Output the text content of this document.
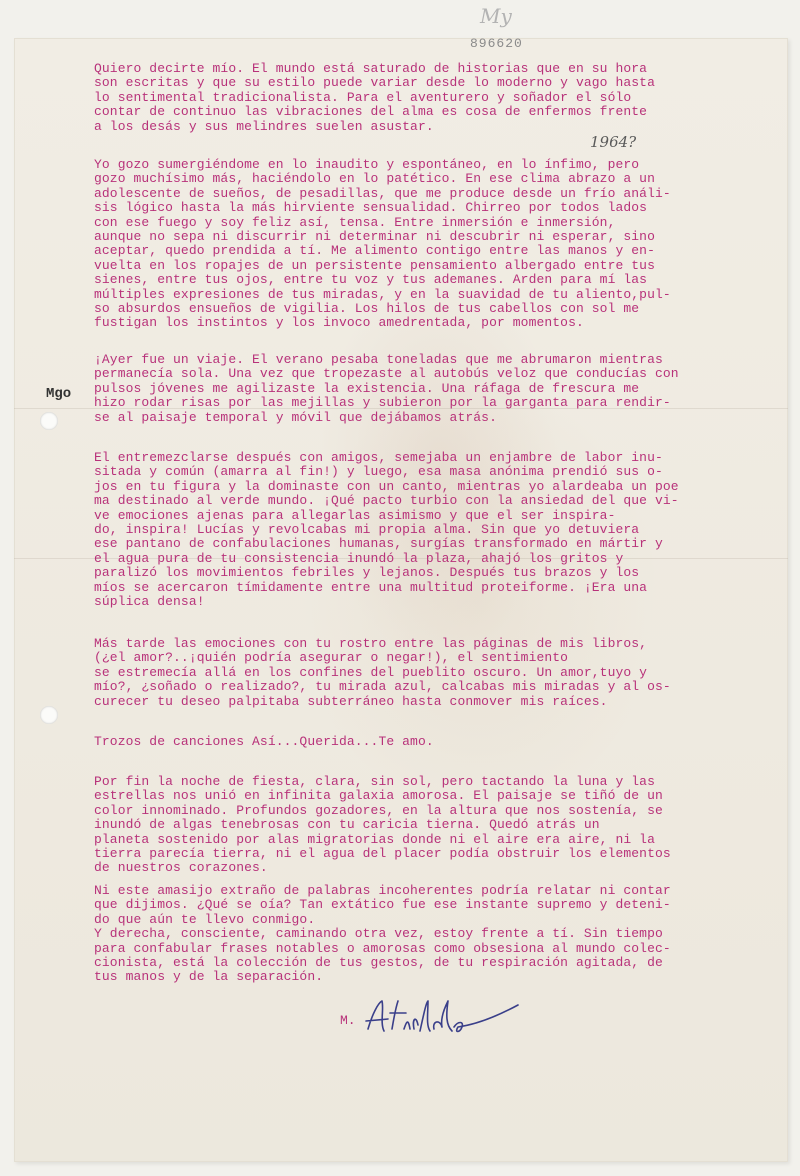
My
896620
1964?
Mgo
Quiero decirte mío. El mundo está saturado de historias que en su hora
son escritas y que su estilo puede variar desde lo moderno y vago hasta
lo sentimental tradicionalista. Para el aventurero y soñador el sólo
contar de continuo las vibraciones del alma es cosa de enfermos frente
a los desás y sus melindres suelen asustar.
Yo gozo sumergiéndome en lo inaudito y espontáneo, en lo ínfimo, pero
gozo muchísimo más, haciéndolo en lo patético. En ese clima abrazo a un
adolescente de sueños, de pesadillas, que me produce desde un frío análi-
sis lógico hasta la más hirviente sensualidad. Chirreo por todos lados
con ese fuego y soy feliz así, tensa. Entre inmersión e inmersión,
aunque no sepa ni discurrir ni determinar ni descubrir ni esperar, sino
aceptar, quedo prendida a tí. Me alimento contigo entre las manos y en-
vuelta en los ropajes de un persistente pensamiento albergado entre tus
sienes, entre tus ojos, entre tu voz y tus ademanes. Arden para mí las
múltiples expresiones de tus miradas, y en la suavidad de tu aliento,pul-
so absurdos ensueños de vigilia. Los hilos de tus cabellos con sol me
fustigan los instintos y los invoco amedrentada, por momentos.
¡Ayer fue un viaje. El verano pesaba toneladas que me abrumaron mientras
permanecía sola. Una vez que tropezaste al autobús veloz que conducías con
pulsos jóvenes me agilizaste la existencia. Una ráfaga de frescura me
hizo rodar risas por las mejillas y subieron por la garganta para rendir-
se al paisaje temporal y móvil que dejábamos atrás.
El entremezclarse después con amigos, semejaba un enjambre de labor inu-
sitada y común (amarra al fin!) y luego, esa masa anónima prendió sus o-
jos en tu figura y la dominaste con un canto, mientras yo alardeaba un poe
ma destinado al verde mundo. ¡Qué pacto turbio con la ansiedad del que vi-
ve emociones ajenas para allegarlas asimismo y que el ser inspira-
do, inspira! Lucías y revolcabas mi propia alma. Sin que yo detuviera
ese pantano de confabulaciones humanas, surgías transformado en mártir y
el agua pura de tu consistencia inundó la plaza, ahajó los gritos y
paralizó los movimientos febriles y lejanos. Después tus brazos y los
míos se acercaron tímidamente entre una multitud proteiforme. ¡Era una
súplica densa!
Más tarde las emociones con tu rostro entre las páginas de mis libros,
(¿el amor?..¡quién podría asegurar o negar!), el sentimiento
se estremecía allá en los confines del pueblito oscuro. Un amor,tuyo y
mío?, ¿soñado o realizado?, tu mirada azul, calcabas mis miradas y al os-
curecer tu deseo palpitaba subterráneo hasta conmover mis raíces.
Trozos de canciones Así...Querida...Te amo.
Por fin la noche de fiesta, clara, sin sol, pero tactando la luna y las
estrellas nos unió en infinita galaxia amorosa. El paisaje se tiñó de un
color innominado. Profundos gozadores, en la altura que nos sostenía, se
inundó de algas tenebrosas con tu caricia tierna. Quedó atrás un
planeta sostenido por alas migratorias donde ni el aire era aire, ni la
tierra parecía tierra, ni el agua del placer podía obstruir los elementos
de nuestros corazones.
Ni este amasijo extraño de palabras incoherentes podría relatar ni contar
que dijimos. ¿Qué se oía? Tan extático fue ese instante supremo y deteni-
do que aún te llevo conmigo.
Y derecha, consciente, caminando otra vez, estoy frente a tí. Sin tiempo
para confabular frases notables o amorosas como obsesiona al mundo colec-
cionista, está la colección de tus gestos, de tu respiración agitada, de
tus manos y de la separación.
M.
